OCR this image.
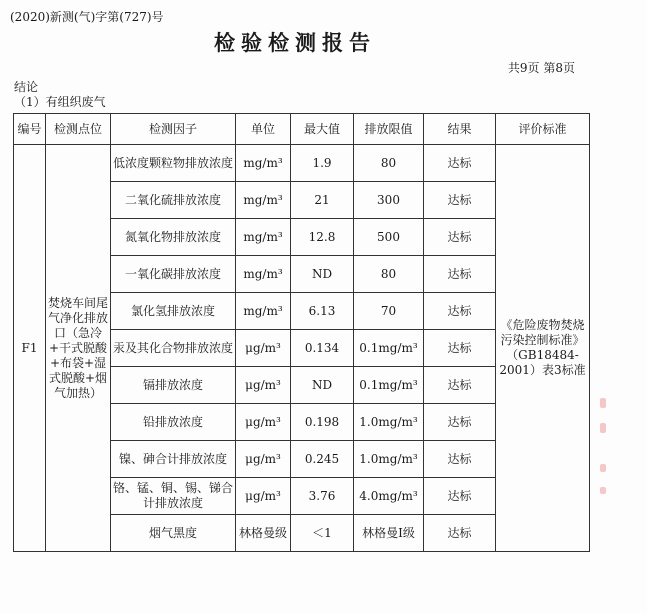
(2020)新测(气)字第(727)号
检验检测报告
共9页 第8页
结论
（1）有组织废气
编号	检测点位	检测因子	单位	最大值	排放限值	结果	评价标准
F1	焚烧车间尾气净化排放口（急冷+干式脱酸+布袋+湿式脱酸+烟气加热）	低浓度颗粒物排放浓度	mg/m³	1.9	80	达标	《危险废物焚烧污染控制标准》（GB18484-2001）表3标准
		二氧化硫排放浓度	mg/m³	21	300	达标	
		氮氧化物排放浓度	mg/m³	12.8	500	达标	
		一氧化碳排放浓度	mg/m³	ND	80	达标	
		氯化氢排放浓度	mg/m³	6.13	70	达标	
		汞及其化合物排放浓度	μg/m³	0.134	0.1mg/m³	达标	
		镉排放浓度	μg/m³	ND	0.1mg/m³	达标	
		铅排放浓度	μg/m³	0.198	1.0mg/m³	达标	
		镍、砷合计排放浓度	μg/m³	0.245	1.0mg/m³	达标	
		铬、锰、铜、锡、锑合计排放浓度	μg/m³	3.76	4.0mg/m³	达标	
		烟气黑度	林格曼级	＜1	林格曼Ⅰ级	达标	
